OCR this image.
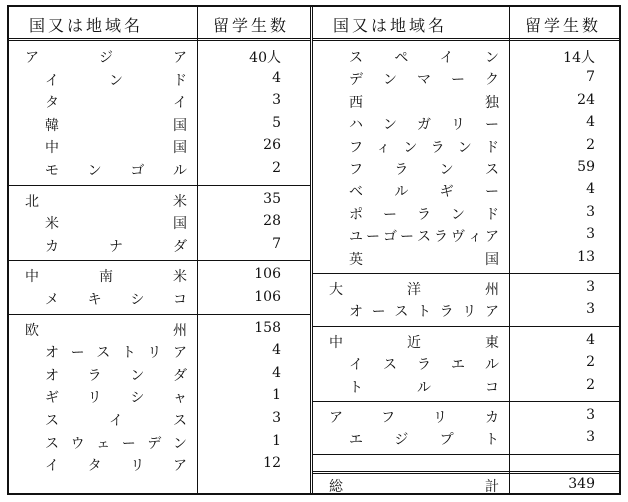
国又は地域名	留学生数
ア	ジ	ア	40人
イ	ン	ド	4
タ	イ	3
韓	国	5
中	国	26
モ ン ゴ ル	2
北	米	35
米	国	28
カ	ナ	ダ	7
中	南	米	106
メ キ シ コ	106
欧	州	158
オ ー ス ト リ ア	4
オ ラ ン ダ	4
ギ リ シ ャ	1
ス	イ	ス	3
ス ウ ェ ー デ ン	1
イ タ リ ア	12
国又は地域名	留学生数
ス ペ イ ン	14人
デ ン マ ー ク	7
西	独	24
ハ ン ガ リ ー	4
フ ィ ン ラ ン ド	2
フ ラ ン ス	59
ベ ル ギ ー	4
ポ ー ラ ン ド	3
ユ ー ゴ ー ス ラ ヴ ィ ア	3
英	国	13
大	洋	州	3
オ ー ス ト ラ リ ア	3
中	近	東	4
イ ス ラ エ ル	2
ト	ル	コ	2
ア	フ	リ	カ	3
エ ジ プ ト	3
総	計	349
